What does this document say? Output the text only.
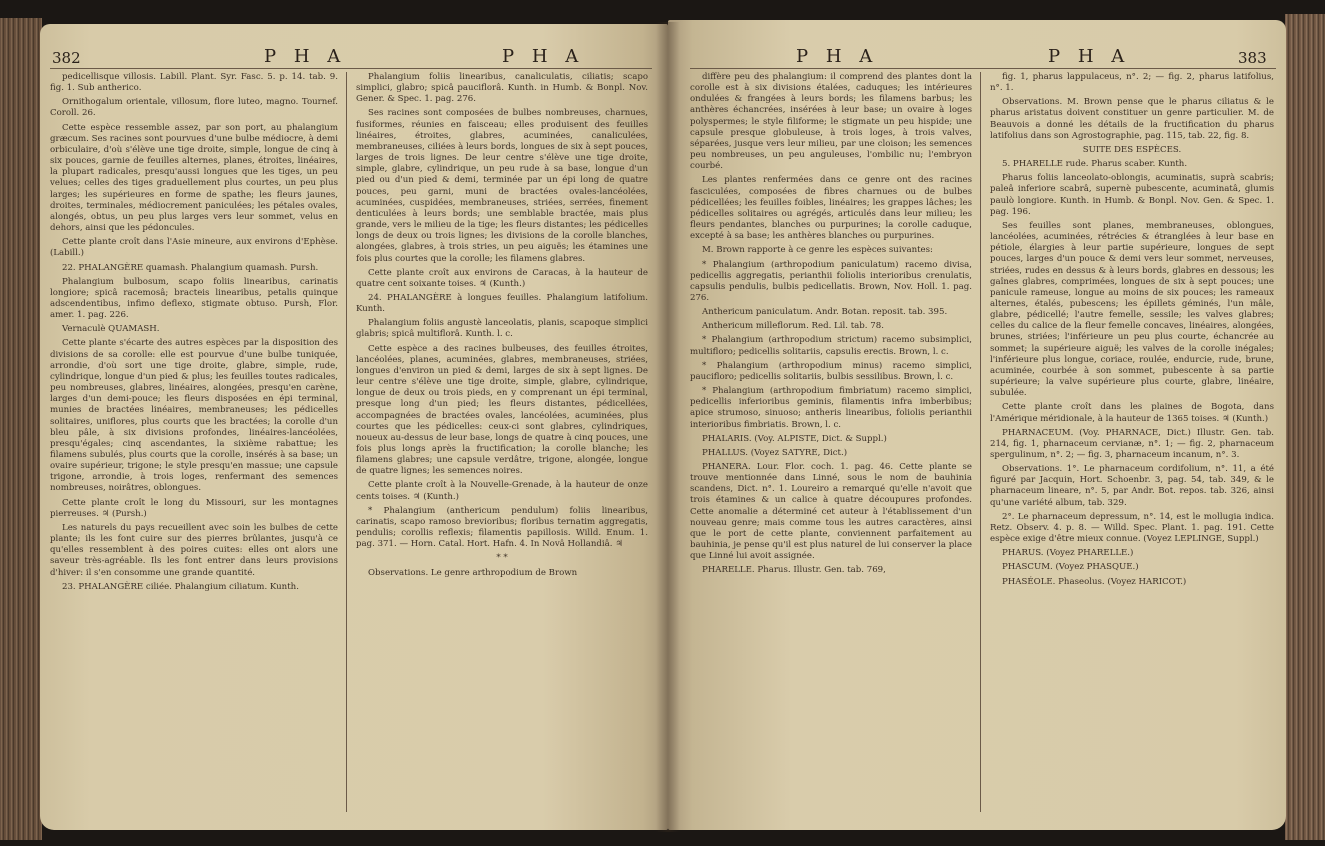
382	P H A	P H A

pedicellisque villosis. Labill. Plant. Syr. Fasc. 5. p. 14. tab. 9. fig. 1. Sub antherico.

Ornithogalum orientale, villosum, flore luteo, magno. Tournef. Coroll. 26.

Cette espèce ressemble assez, par son port, au phalangium græcum. Ses racines sont pourvues d'une bulbe médiocre, à demi orbiculaire, d'où s'élève une tige droite, simple, longue de cinq à six pouces, garnie de feuilles alternes, planes, étroites, linéaires, la plupart radicales, presqu'aussi longues que les tiges, un peu velues; celles des tiges graduellement plus courtes, un peu plus larges; les supérieures en forme de spathe; les fleurs jaunes, droites, terminales, médiocrement paniculées; les pétales ovales, alongés, obtus, un peu plus larges vers leur sommet, velus en dehors, ainsi que les pédoncules.

Cette plante croît dans l'Asie mineure, aux environs d'Ephèse. (Labill.)

22. PHALANGÈRE quamash. Phalangium quamash. Pursh.

Phalangium bulbosum, scapo foliis linearibus, carinatis longiore; spicâ racemosâ; bracteis linearibus, petalis quinque adscendentibus, infimo deflexo, stigmate obtuso. Pursh, Flor. amer. 1. pag. 226.

Vernaculè QUAMASH.

Cette plante s'écarte des autres espèces par la disposition des divisions de sa corolle: elle est pourvue d'une bulbe tuniquée, arrondie, d'où sort une tige droite, glabre, simple, rude, cylindrique, longue d'un pied & plus; les feuilles toutes radicales, peu nombreuses, glabres, linéaires, alongées, presqu'en carène, larges d'un demi-pouce; les fleurs disposées en épi terminal, munies de bractées linéaires, membraneuses; les pédicelles solitaires, uniflores, plus courts que les bractées; la corolle d'un bleu pâle, à six divisions profondes, linéaires-lancéolées, presqu'égales; cinq ascendantes, la sixième rabattue; les filamens subulés, plus courts que la corolle, insérés à sa base; un ovaire supérieur, trigone; le style presqu'en massue; une capsule trigone, arrondie, à trois loges, renfermant des semences nombreuses, noirâtres, oblongues.

Cette plante croît le long du Missouri, sur les montagnes pierreuses. ♃ (Pursh.)

Les naturels du pays recueillent avec soin les bulbes de cette plante; ils les font cuire sur des pierres brûlantes, jusqu'à ce qu'elles ressemblent à des poires cuites: elles ont alors une saveur très-agréable. Ils les font entrer dans leurs provisions d'hiver: il s'en consomme une grande quantité.

23. PHALANGÈRE ciliée. Phalangium ciliatum. Kunth.

Phalangium foliis linearibus, canaliculatis, ciliatis; scapo simplici, glabro; spicâ pauciflorâ. Kunth. in Humb. & Bonpl. Nov. Gener. & Spec. 1. pag. 276.

Ses racines sont composées de bulbes nombreuses, charnues, fusiformes, réunies en faisceau; elles produisent des feuilles linéaires, étroites, glabres, acuminées, canaliculées, membraneuses, ciliées à leurs bords, longues de six à sept pouces, larges de trois lignes. De leur centre s'élève une tige droite, simple, glabre, cylindrique, un peu rude à sa base, longue d'un pied ou d'un pied & demi, terminée par un épi long de quatre pouces, peu garni, muni de bractées ovales-lancéolées, acuminées, cuspidées, membraneuses, striées, serrées, finement denticulées à leurs bords; une semblable bractée, mais plus grande, vers le milieu de la tige; les fleurs distantes; les pédicelles longs de deux ou trois lignes; les divisions de la corolle blanches, alongées, glabres, à trois stries, un peu aiguës; les étamines une fois plus courtes que la corolle; les filamens glabres.

Cette plante croît aux environs de Caracas, à la hauteur de quatre cent soixante toises. ♃ (Kunth.)

24. PHALANGÈRE à longues feuilles. Phalangium latifolium. Kunth.

Phalangium foliis angustè lanceolatis, planis, scapoque simplici glabris; spicâ multiflorâ. Kunth. l. c.

Cette espèce a des racines bulbeuses, des feuilles étroites, lancéolées, planes, acuminées, glabres, membraneuses, striées, longues d'environ un pied & demi, larges de six à sept lignes. De leur centre s'élève une tige droite, simple, glabre, cylindrique, longue de deux ou trois pieds, en y comprenant un épi terminal, presque long d'un pied; les fleurs distantes, pédicellées, accompagnées de bractées ovales, lancéolées, acuminées, plus courtes que les pédicelles: ceux-ci sont glabres, cylindriques, noueux au-dessus de leur base, longs de quatre à cinq pouces, une fois plus longs après la fructification; la corolle blanche; les filamens glabres; une capsule verdâtre, trigone, alongée, longue de quatre lignes; les semences noires.

Cette plante croît à la Nouvelle-Grenade, à la hauteur de onze cents toises. ♃ (Kunth.)

* Phalangium (anthericum pendulum) foliis linearibus, carinatis, scapo ramoso brevioribus; floribus ternatim aggregatis, pendulis; corollis reflexis; filamentis papillosis. Willd. Enum. 1. pag. 371. — Horn. Catal. Hort. Hafn. 4. In Novâ Hollandiâ. ♃

* *

Observations. Le genre arthropodium de Brown

P H A	P H A	383

diffère peu des phalangium: il comprend des plantes dont la corolle est à six divisions étalées, caduques; les intérieures ondulées & frangées à leurs bords; les filamens barbus; les anthères échancrées, insérées à leur base; un ovaire à loges polyspermes; le style filiforme; le stigmate un peu hispide; une capsule presque globuleuse, à trois loges, à trois valves, séparées, jusque vers leur milieu, par une cloison; les semences peu nombreuses, un peu anguleuses, l'ombilic nu; l'embryon courbé.

Les plantes renfermées dans ce genre ont des racines fasciculées, composées de fibres charnues ou de bulbes pédicellées; les feuilles foibles, linéaires; les grappes lâches; les pédicelles solitaires ou agrégés, articulés dans leur milieu; les fleurs pendantes, blanches ou purpurines; la corolle caduque, excepté à sa base; les anthères blanches ou purpurines.

M. Brown rapporte à ce genre les espèces suivantes:

* Phalangium (arthropodium paniculatum) racemo divisa, pedicellis aggregatis, perianthii foliolis interioribus crenulatis, capsulis pendulis, bulbis pedicellatis. Brown, Nov. Holl. 1. pag. 276.

Anthericum paniculatum. Andr. Botan. reposit. tab. 395.

Anthericum milleflorum. Red. Lil. tab. 78.

* Phalangium (arthropodium strictum) racemo subsimplici, multifloro; pedicellis solitariis, capsulis erectis. Brown, l. c.

* Phalangium (arthropodium minus) racemo simplici, paucifloro; pedicellis solitariis, bulbis sessilibus. Brown, l. c.

* Phalangium (arthropodium fimbriatum) racemo simplici, pedicellis inferioribus geminis, filamentis infra imberbibus; apice strumoso, sinuoso; antheris linearibus, foliolis perianthii interioribus fimbriatis. Brown, l. c.

PHALARIS. (Voy. ALPISTE, Dict. & Suppl.)

PHALLUS. (Voyez SATYRE, Dict.)

PHANERA. Lour. Flor. coch. 1. pag. 46. Cette plante se trouve mentionnée dans Linné, sous le nom de bauhinia scandens, Dict. n°. 1. Loureiro a remarqué qu'elle n'avoit que trois étamines & un calice à quatre découpures profondes. Cette anomalie a déterminé cet auteur à l'établissement d'un nouveau genre; mais comme tous les autres caractères, ainsi que le port de cette plante, conviennent parfaitement au bauhinia, je pense qu'il est plus naturel de lui conserver la place que Linné lui avoit assignée.

PHARELLE. Pharus. Illustr. Gen. tab. 769,

fig. 1, pharus lappulaceus, n°. 2; — fig. 2, pharus latifolius, n°. 1.

Observations. M. Brown pense que le pharus ciliatus & le pharus aristatus doivent constituer un genre particulier. M. de Beauvois a donné les détails de la fructification du pharus latifolius dans son Agrostographie, pag. 115, tab. 22, fig. 8.

SUITE DES ESPÈCES.

5. PHARELLE rude. Pharus scaber. Kunth.

Pharus foliis lanceolato-oblongis, acuminatis, suprà scabris; paleâ inferiore scabrâ, supernè pubescente, acuminatâ, glumis paulò longiore. Kunth. in Humb. & Bonpl. Nov. Gen. & Spec. 1. pag. 196.

Ses feuilles sont planes, membraneuses, oblongues, lancéolées, acuminées, rétrécies & étranglées à leur base en pétiole, élargies à leur partie supérieure, longues de sept pouces, larges d'un pouce & demi vers leur sommet, nerveuses, striées, rudes en dessus & à leurs bords, glabres en dessous; les gaînes glabres, comprimées, longues de six à sept pouces; une panicule rameuse, longue au moins de six pouces; les rameaux alternes, étalés, pubescens; les épillets géminés, l'un mâle, glabre, pédicellé; l'autre femelle, sessile; les valves glabres; celles du calice de la fleur femelle concaves, linéaires, alongées, brunes, striées; l'inférieure un peu plus courte, échancrée au sommet; la supérieure aiguë; les valves de la corolle inégales; l'inférieure plus longue, coriace, roulée, endurcie, rude, brune, acuminée, courbée à son sommet, pubescente à sa partie supérieure; la valve supérieure plus courte, glabre, linéaire, subulée.

Cette plante croît dans les plaines de Bogota, dans l'Amérique méridionale, à la hauteur de 1365 toises. ♃ (Kunth.)

PHARNACEUM. (Voy. PHARNACE, Dict.) Illustr. Gen. tab. 214, fig. 1, pharnaceum cervianæ, n°. 1; — fig. 2, pharnaceum spergulinum, n°. 2; — fig. 3, pharnaceum incanum, n°. 3.

Observations. 1°. Le pharnaceum cordifolium, n°. 11, a été figuré par Jacquin, Hort. Schoenbr. 3, pag. 54, tab. 349, & le pharnaceum lineare, n°. 5, par Andr. Bot. repos. tab. 326, ainsi qu'une variété album, tab. 329.

2°. Le pharnaceum depressum, n°. 14, est le mollugia indica. Retz. Observ. 4. p. 8. — Willd. Spec. Plant. 1. pag. 191. Cette espèce exige d'être mieux connue. (Voyez LEPLINGE, Suppl.)

PHARUS. (Voyez PHARELLE.)

PHASCUM. (Voyez PHASQUE.)

PHASÉOLE. Phaseolus. (Voyez HARICOT.)
